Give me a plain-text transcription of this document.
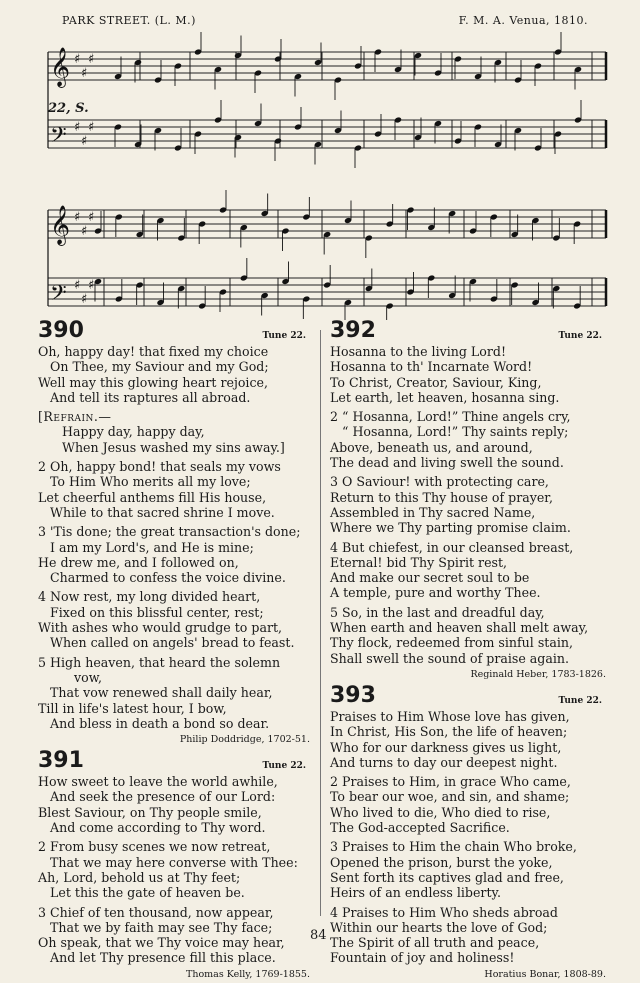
PARK STREET. (L. M.)	F. M. A. Venua, 1810.
𝄞 ♯
♯
♯
𝄢 ♯
♯
♯
𝄞 ♯
♯
♯
𝄢 ♯
♯
♯
22, S.
390	Tune 22.
Oh, happy day! that fixed my choice
On Thee, my Saviour and my God;
Well may this glowing heart rejoice,
And tell its raptures all abroad.
[Refrain.—
Happy day, happy day,
When Jesus washed my sins away.]
2 Oh, happy bond! that seals my vows
To Him Who merits all my love;
Let cheerful anthems fill His house,
While to that sacred shrine I move.
3 'Tis done; the great transaction's done;
I am my Lord's, and He is mine;
He drew me, and I followed on,
Charmed to confess the voice divine.
4 Now rest, my long divided heart,
Fixed on this blissful center, rest;
With ashes who would grudge to part,
When called on angels' bread to feast.
5 High heaven, that heard the solemn
vow,
That vow renewed shall daily hear,
Till in life's latest hour, I bow,
And bless in death a bond so dear.
Philip Doddridge, 1702-51.
391	Tune 22.
How sweet to leave the world awhile,
And seek the presence of our Lord:
Blest Saviour, on Thy people smile,
And come according to Thy word.
2 From busy scenes we now retreat,
That we may here converse with Thee:
Ah, Lord, behold us at Thy feet;
Let this the gate of heaven be.
3 Chief of ten thousand, now appear,
That we by faith may see Thy face;
Oh speak, that we Thy voice may hear,
And let Thy presence fill this place.
Thomas Kelly, 1769-1855.
392	Tune 22.
Hosanna to the living Lord!
Hosanna to th' Incarnate Word!
To Christ, Creator, Saviour, King,
Let earth, let heaven, hosanna sing.
2 “ Hosanna, Lord!” Thine angels cry,
“ Hosanna, Lord!” Thy saints reply;
Above, beneath us, and around,
The dead and living swell the sound.
3 O Saviour! with protecting care,
Return to this Thy house of prayer,
Assembled in Thy sacred Name,
Where we Thy parting promise claim.
4 But chiefest, in our cleansed breast,
Eternal! bid Thy Spirit rest,
And make our secret soul to be
A temple, pure and worthy Thee.
5 So, in the last and dreadful day,
When earth and heaven shall melt away,
Thy flock, redeemed from sinful stain,
Shall swell the sound of praise again.
Reginald Heber, 1783-1826.
393	Tune 22.
Praises to Him Whose love has given,
In Christ, His Son, the life of heaven;
Who for our darkness gives us light,
And turns to day our deepest night.
2 Praises to Him, in grace Who came,
To bear our woe, and sin, and shame;
Who lived to die, Who died to rise,
The God-accepted Sacrifice.
3 Praises to Him the chain Who broke,
Opened the prison, burst the yoke,
Sent forth its captives glad and free,
Heirs of an endless liberty.
4 Praises to Him Who sheds abroad
Within our hearts the love of God;
The Spirit of all truth and peace,
Fountain of joy and holiness!
Horatius Bonar, 1808-89.
84
